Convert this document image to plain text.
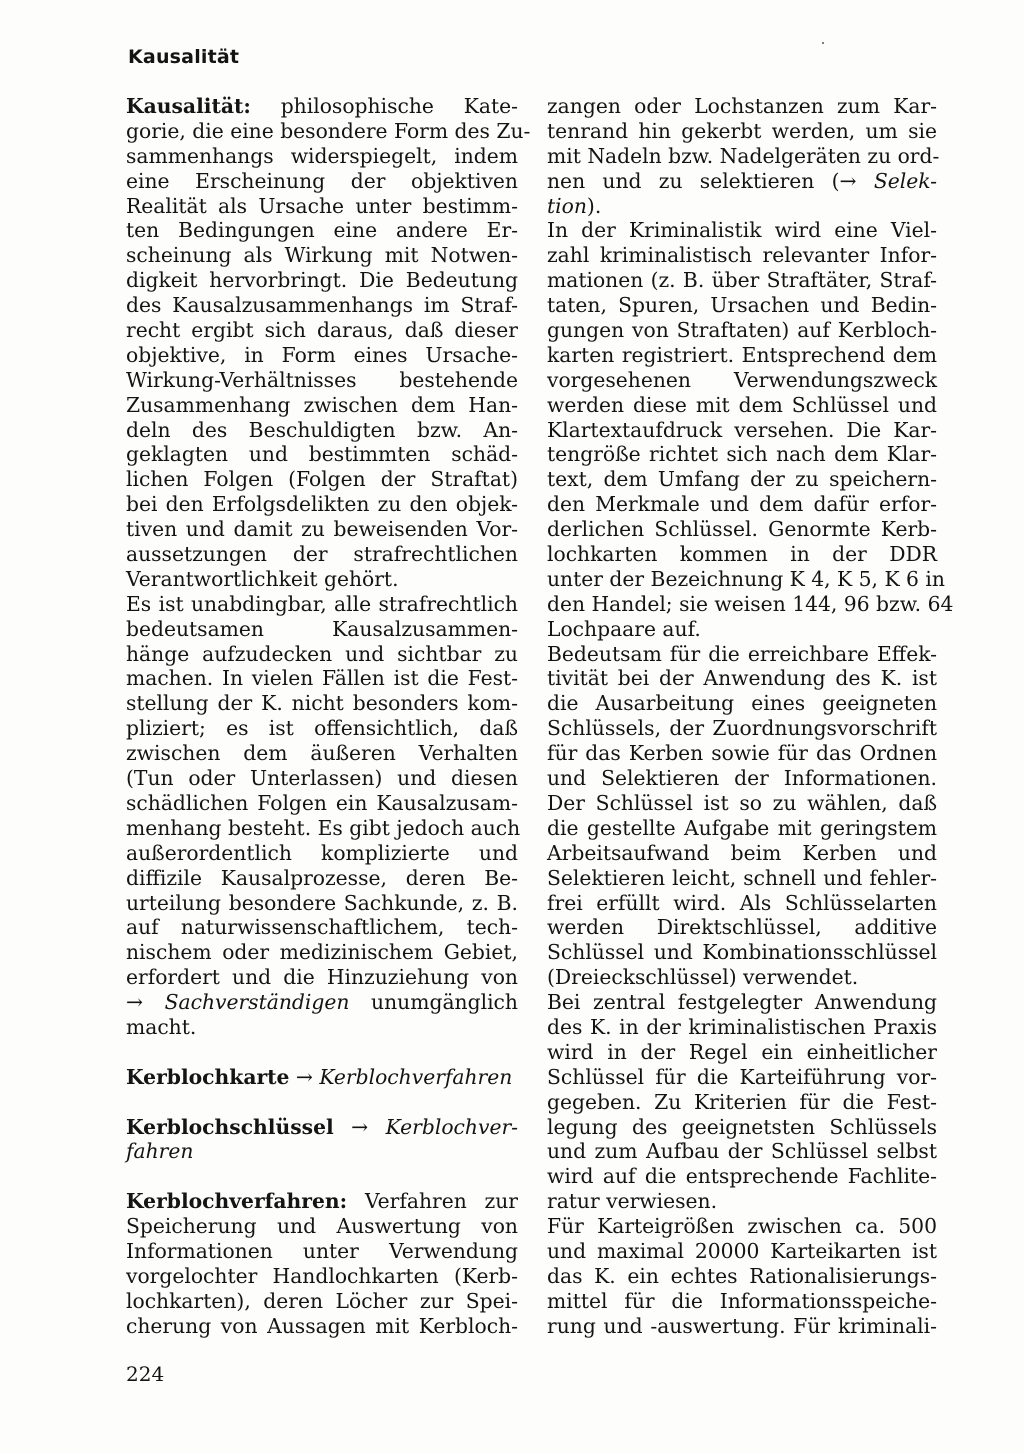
Kausalität
Kausalität: philosophische Kate-
gorie, die eine besondere Form des Zu-
sammenhangs widerspiegelt, indem
eine Erscheinung der objektiven
Realität als Ursache unter bestimm-
ten Bedingungen eine andere Er-
scheinung als Wirkung mit Notwen-
digkeit hervorbringt. Die Bedeutung
des Kausalzusammenhangs im Straf-
recht ergibt sich daraus, daß dieser
objektive, in Form eines Ursache-
Wirkung-Verhältnisses bestehende
Zusammenhang zwischen dem Han-
deln des Beschuldigten bzw. An-
geklagten und bestimmten schäd-
lichen Folgen (Folgen der Straftat)
bei den Erfolgsdelikten zu den objek-
tiven und damit zu beweisenden Vor-
aussetzungen der strafrechtlichen
Verantwortlichkeit gehört.
Es ist unabdingbar, alle strafrechtlich
bedeutsamen Kausalzusammen-
hänge aufzudecken und sichtbar zu
machen. In vielen Fällen ist die Fest-
stellung der K. nicht besonders kom-
pliziert; es ist offensichtlich, daß
zwischen dem äußeren Verhalten
(Tun oder Unterlassen) und diesen
schädlichen Folgen ein Kausalzusam-
menhang besteht. Es gibt jedoch auch
außerordentlich komplizierte und
diffizile Kausalprozesse, deren Be-
urteilung besondere Sachkunde, z. B.
auf naturwissenschaftlichem, tech-
nischem oder medizinischem Gebiet,
erfordert und die Hinzuziehung von
→ Sachverständigen unumgänglich
macht.
Kerblochkarte → Kerblochverfahren
Kerblochschlüssel → Kerblochver-
fahren
Kerblochverfahren: Verfahren zur
Speicherung und Auswertung von
Informationen unter Verwendung
vorgelochter Handlochkarten (Kerb-
lochkarten), deren Löcher zur Spei-
cherung von Aussagen mit Kerbloch-
zangen oder Lochstanzen zum Kar-
tenrand hin gekerbt werden, um sie
mit Nadeln bzw. Nadelgeräten zu ord-
nen und zu selektieren (→ Selek-
tion).
In der Kriminalistik wird eine Viel-
zahl kriminalistisch relevanter Infor-
mationen (z. B. über Straftäter, Straf-
taten, Spuren, Ursachen und Bedin-
gungen von Straftaten) auf Kerbloch-
karten registriert. Entsprechend dem
vorgesehenen Verwendungszweck
werden diese mit dem Schlüssel und
Klartextaufdruck versehen. Die Kar-
tengröße richtet sich nach dem Klar-
text, dem Umfang der zu speichern-
den Merkmale und dem dafür erfor-
derlichen Schlüssel. Genormte Kerb-
lochkarten kommen in der DDR
unter der Bezeichnung K 4, K 5, K 6 in
den Handel; sie weisen 144, 96 bzw. 64
Lochpaare auf.
Bedeutsam für die erreichbare Effek-
tivität bei der Anwendung des K. ist
die Ausarbeitung eines geeigneten
Schlüssels, der Zuordnungsvorschrift
für das Kerben sowie für das Ordnen
und Selektieren der Informationen.
Der Schlüssel ist so zu wählen, daß
die gestellte Aufgabe mit geringstem
Arbeitsaufwand beim Kerben und
Selektieren leicht, schnell und fehler-
frei erfüllt wird. Als Schlüsselarten
werden Direktschlüssel, additive
Schlüssel und Kombinationsschlüssel
(Dreieckschlüssel) verwendet.
Bei zentral festgelegter Anwendung
des K. in der kriminalistischen Praxis
wird in der Regel ein einheitlicher
Schlüssel für die Karteiführung vor-
gegeben. Zu Kriterien für die Fest-
legung des geeignetsten Schlüssels
und zum Aufbau der Schlüssel selbst
wird auf die entsprechende Fachlite-
ratur verwiesen.
Für Karteigrößen zwischen ca. 500
und maximal 20000 Karteikarten ist
das K. ein echtes Rationalisierungs-
mittel für die Informationsspeiche-
rung und -auswertung. Für kriminali-
224
